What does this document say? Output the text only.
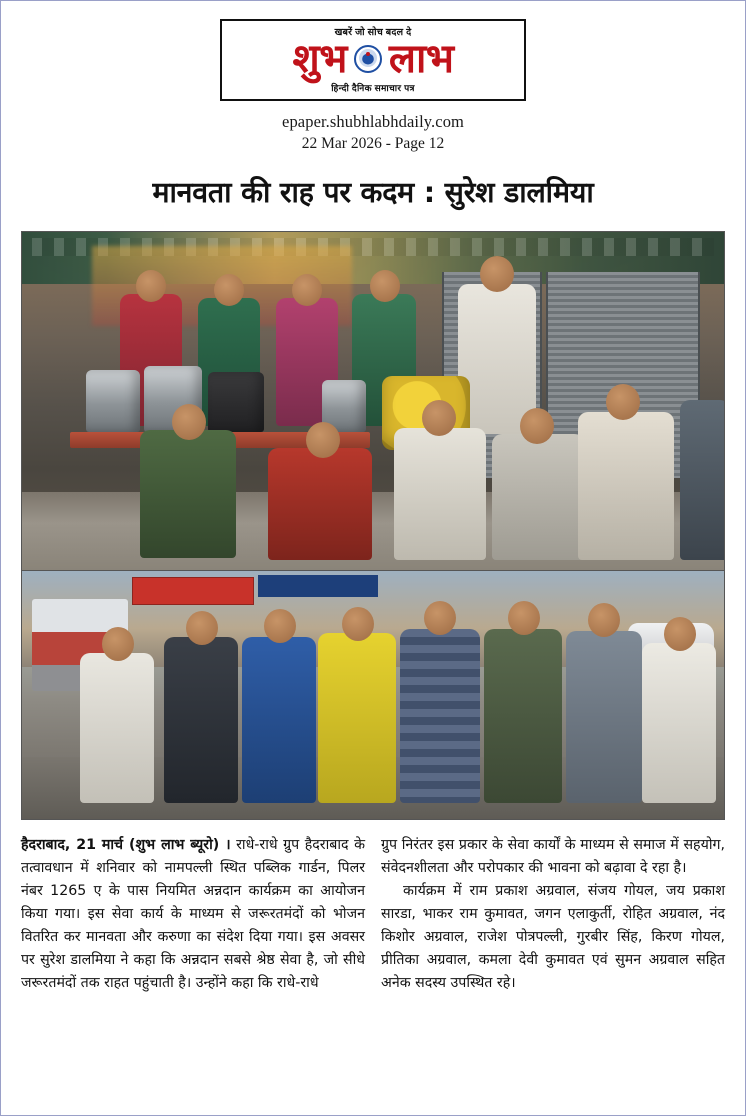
खबरें जो सोच बदल दे
शुभ लाभ
हिन्दी दैनिक समाचार पत्र
epaper.shubhlabhdaily.com
22 Mar 2026 - Page 12
मानवता की राह पर कदम : सुरेश डालमिया
हैदराबाद, 21 मार्च (शुभ लाभ ब्यूरो) । राधे-राधे ग्रुप हैदराबाद के तत्वावधान में शनिवार को नामपल्ली स्थित पब्लिक गार्डन, पिलर नंबर 1265 ए के पास नियमित अन्नदान कार्यक्रम का आयोजन किया गया। इस सेवा कार्य के माध्यम से जरूरतमंदों को भोजन वितरित कर मानवता और करुणा का संदेश दिया गया। इस अवसर पर सुरेश डालमिया ने कहा कि अन्नदान सबसे श्रेष्ठ सेवा है, जो सीधे जरूरतमंदों तक राहत पहुंचाती है। उन्होंने कहा कि राधे-राधे
ग्रुप निरंतर इस प्रकार के सेवा कार्यों के माध्यम से समाज में सहयोग, संवेदनशीलता और परोपकार की भावना को बढ़ावा दे रहा है।
कार्यक्रम में राम प्रकाश अग्रवाल, संजय गोयल, जय प्रकाश सारडा, भाकर राम कुमावत, जगन एलाकुर्ती, रोहित अग्रवाल, नंद किशोर अग्रवाल, राजेश पोत्रपल्ली, गुरबीर सिंह, किरण गोयल, प्रीतिका अग्रवाल, कमला देवी कुमावत एवं सुमन अग्रवाल सहित अनेक सदस्य उपस्थित रहे।
